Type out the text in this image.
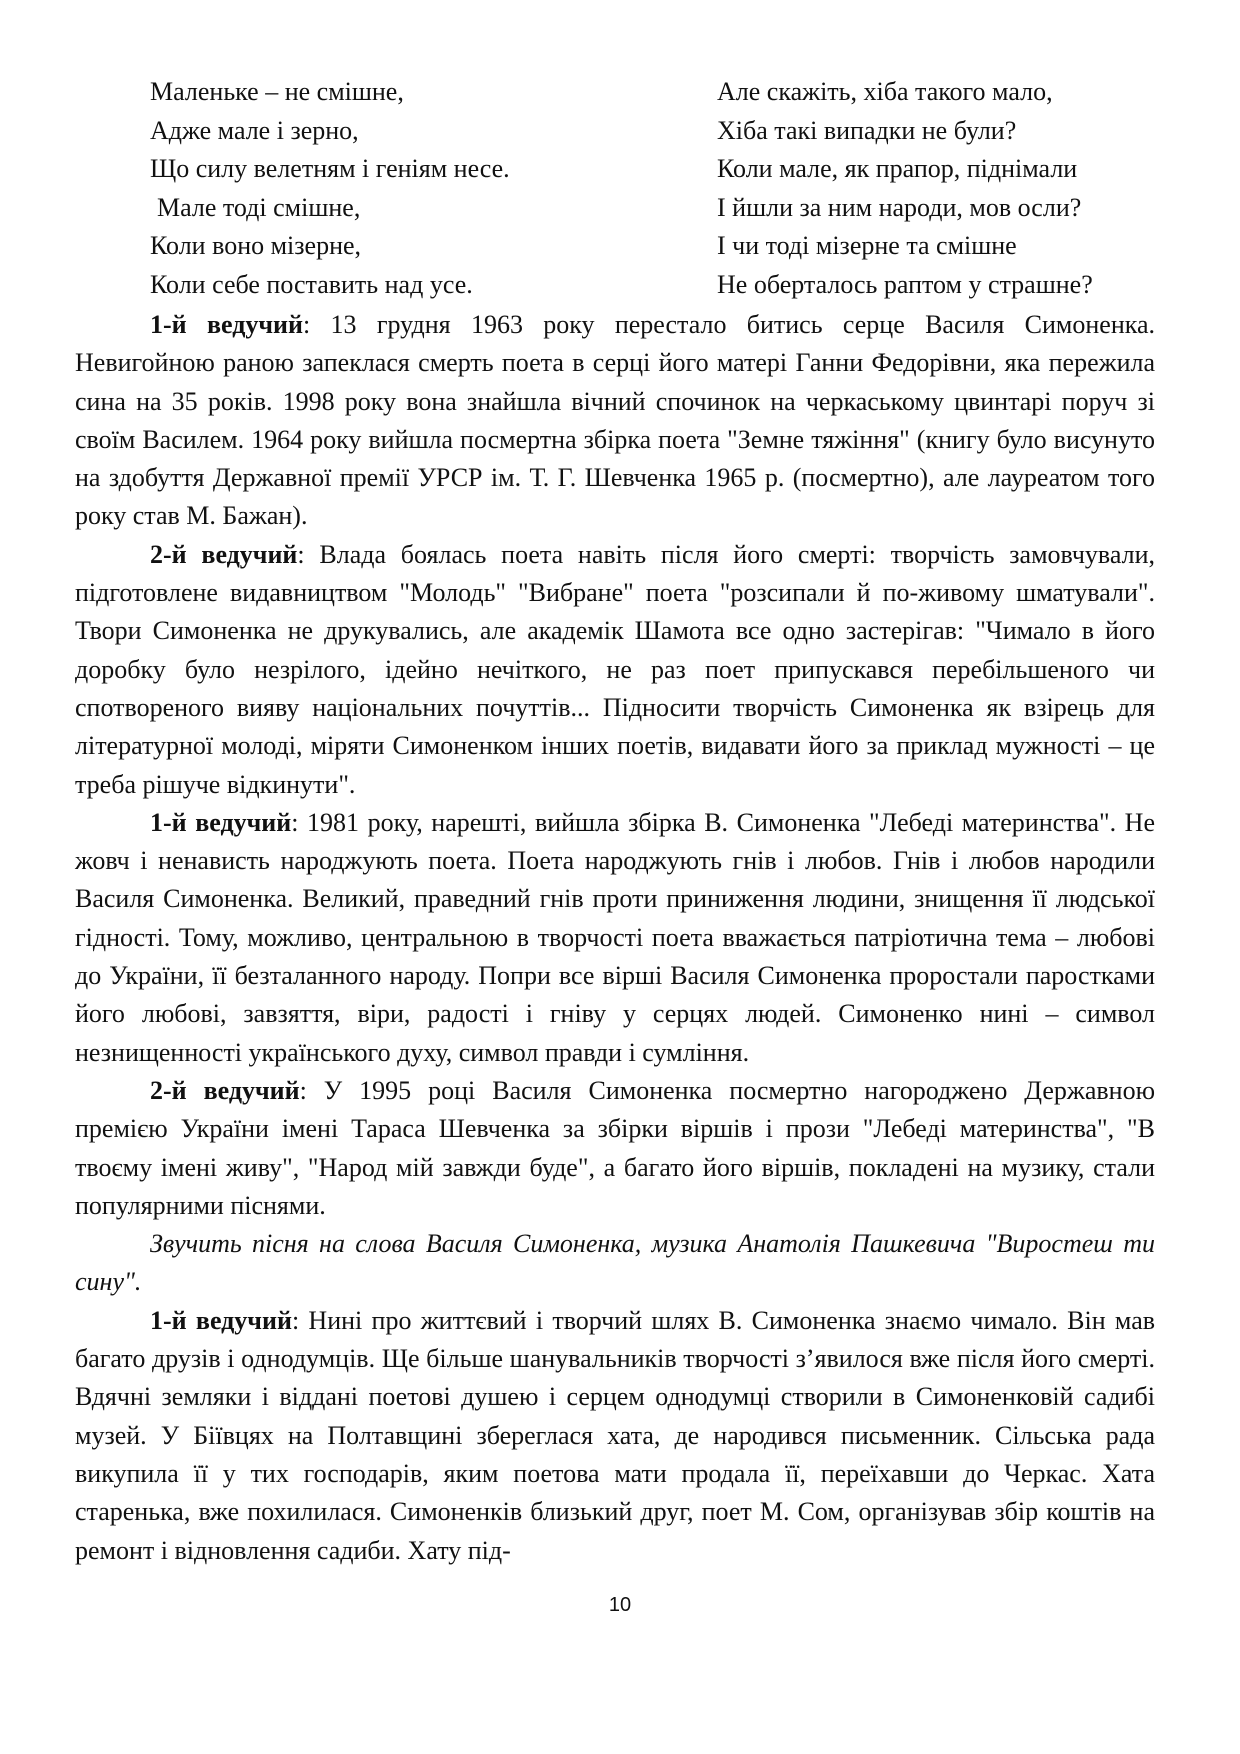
Маленьке – не смішне,
Адже мале і зерно,
Що силу велетням і геніям несе.
Мале тоді смішне,
Коли воно мізерне,
Коли себе поставить над усе.
Але скажіть, хіба такого мало,
Хіба такі випадки не були?
Коли мале, як прапор, піднімали
І йшли за ним народи, мов осли?
І чи тоді мізерне та смішне
Не оберталось раптом у страшне?

1-й ведучий: 13 грудня 1963 року перестало битись серце Василя Симоненка. Невигойною раною запеклася смерть поета в серці його матері Ганни Федорівни, яка пережила сина на 35 років. 1998 року вона знайшла вічний спочинок на черкаському цвинтарі поруч зі своїм Василем. 1964 року вийшла посмертна збірка поета "Земне тяжіння" (книгу було висунуто на здобуття Державної премії УРСР ім. Т. Г. Шевченка 1965 р. (посмертно), але лауреатом того року став М. Бажан).

2-й ведучий: Влада боялась поета навіть після його смерті: творчість замовчували, підготовлене видавництвом "Молодь" "Вибране" поета "розсипали й по-живому шматували". Твори Симоненка не друкувались, але академік Шамота все одно застерігав: "Чимало в його доробку було незрілого, ідейно нечіткого, не раз поет припускався перебільшеного чи спотвореного вияву національних почуттів... Підносити творчість Симоненка як взірець для літературної молоді, міряти Симоненком інших поетів, видавати його за приклад мужності – це треба рішуче відкинути".

1-й ведучий: 1981 року, нарешті, вийшла збірка В. Симоненка "Лебеді материнства". Не жовч і ненависть народжують поета. Поета народжують гнів і любов. Гнів і любов народили Василя Симоненка. Великий, праведний гнів проти приниження людини, знищення її людської гідності. Тому, можливо, центральною в творчості поета вважається патріотична тема – любові до України, її безталанного народу. Попри все вірші Василя Симоненка проростали паростками його любові, завзяття, віри, радості і гніву у серцях людей. Симоненко нині – символ незнищенності українського духу, символ правди і сумління.

2-й ведучий: У 1995 році Василя Симоненка посмертно нагороджено Державною премією України імені Тараса Шевченка за збірки віршів і прози "Лебеді материнства", "В твоєму імені живу", "Народ мій завжди буде", а багато його віршів, покладені на музику, стали популярними піснями.

Звучить пісня на слова Василя Симоненка, музика Анатолія Пашкевича "Виростеш ти сину".

1-й ведучий: Нині про життєвий і творчий шлях В. Симоненка знаємо чимало. Він мав багато друзів і однодумців. Ще більше шанувальників творчості з’явилося вже після його смерті. Вдячні земляки і віддані поетові душею і серцем однодумці створили в Симоненковій садибі музей. У Біївцях на Полтавщині збереглася хата, де народився письменник. Сільська рада викупила її у тих господарів, яким поетова мати продала її, переїхавши до Черкас. Хата старенька, вже похилилася. Симоненків близький друг, поет М. Сом, організував збір коштів на ремонт і відновлення садиби. Хату під-

10
